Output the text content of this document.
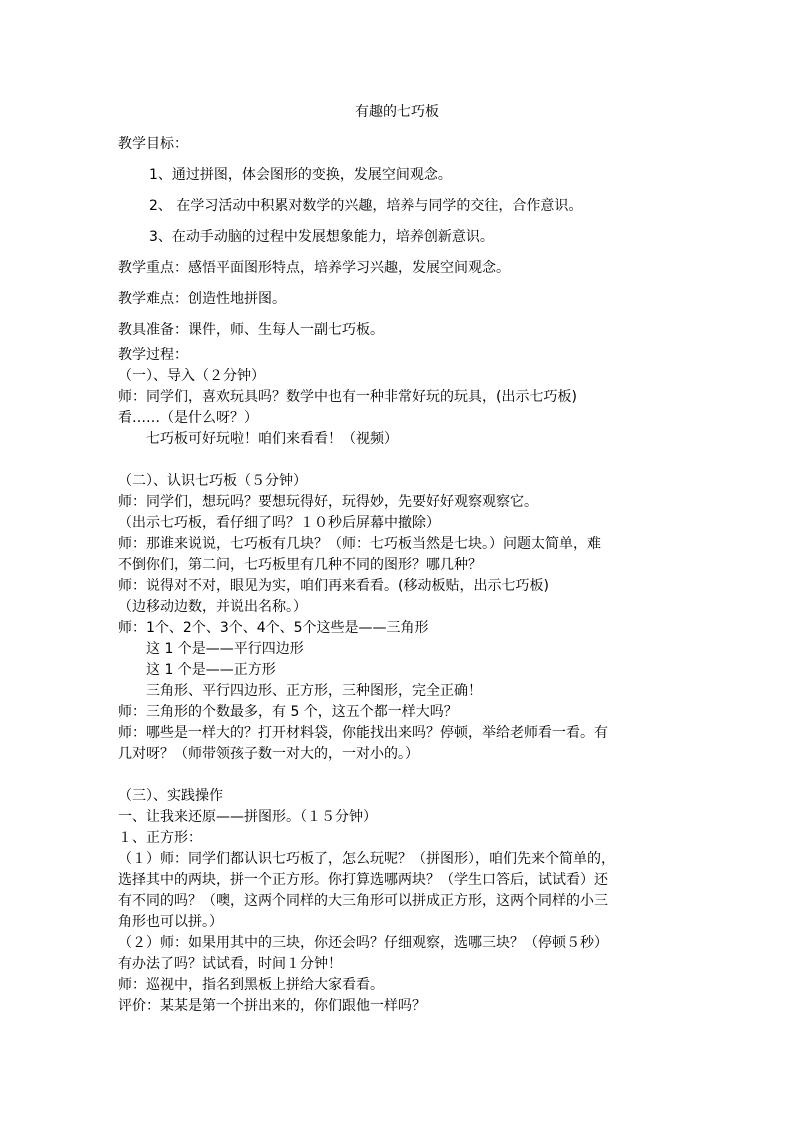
有趣的七巧板
教学目标：
1、通过拼图，体会图形的变换，发展空间观念。
2、 在学习活动中积累对数学的兴趣，培养与同学的交往，合作意识。
3、在动手动脑的过程中发展想象能力，培养创新意识。
教学重点：感悟平面图形特点，培养学习兴趣，发展空间观念。
教学难点：创造性地拼图。
教具准备：课件，师、生每人一副七巧板。
教学过程：
（一）、导入（２分钟）
师：同学们，喜欢玩具吗？数学中也有一种非常好玩的玩具，(出示七巧板)
看……（是什么呀？）
七巧板可好玩啦！咱们来看看！（视频）
（二）、认识七巧板（５分钟）
师：同学们，想玩吗？要想玩得好，玩得妙，先要好好观察观察它。
（出示七巧板，看仔细了吗？１０秒后屏幕中撤除）
师：那谁来说说，七巧板有几块？（师：七巧板当然是七块。）问题太简单，难
不倒你们，第二问，七巧板里有几种不同的图形？哪几种？
师：说得对不对，眼见为实，咱们再来看看。(移动板贴，出示七巧板)
（边移动边数，并说出名称。）
师：1个、2个、3个、4个、5个这些是——三角形
这 1 个是——平行四边形
这 1 个是——正方形
三角形、平行四边形、正方形，三种图形，完全正确！
师：三角形的个数最多，有 5 个，这五个都一样大吗？
师：哪些是一样大的？打开材料袋，你能找出来吗？停顿，举给老师看一看。有
几对呀？（师带领孩子数一对大的，一对小的。）
（三）、实践操作
一、让我来还原——拼图形。（１５分钟）
１、正方形：
（１）师：同学们都认识七巧板了，怎么玩呢？（拼图形），咱们先来个简单的，
选择其中的两块，拼一个正方形。你打算选哪两块？（学生口答后，试试看）还
有不同的吗？（噢，这两个同样的大三角形可以拼成正方形，这两个同样的小三
角形也可以拼。）
（２）师：如果用其中的三块，你还会吗？仔细观察，选哪三块？（停顿５秒）
有办法了吗？试试看，时间１分钟！
师：巡视中，指名到黑板上拼给大家看看。
评价：某某是第一个拼出来的，你们跟他一样吗？
